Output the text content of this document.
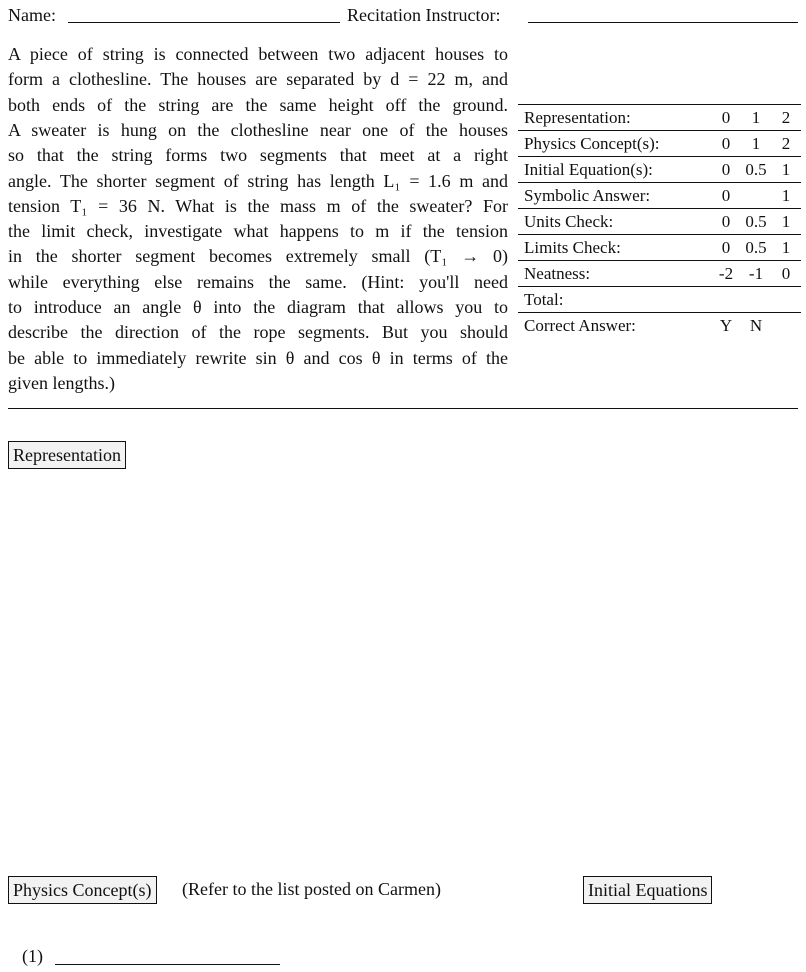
Name:	Recitation Instructor:
A piece of string is connected between two adjacent houses to
form a clothesline. The houses are separated by d = 22 m, and
both ends of the string are the same height off the ground.
A sweater is hung on the clothesline near one of the houses
so that the string forms two segments that meet at a right
angle. The shorter segment of string has length L₁ = 1.6 m and
tension T₁ = 36 N. What is the mass m of the sweater? For
the limit check, investigate what happens to m if the tension
in the shorter segment becomes extremely small (T₁ → 0)
while everything else remains the same. (Hint: you'll need
to introduce an angle θ into the diagram that allows you to
describe the direction of the rope segments. But you should
be able to immediately rewrite sin θ and cos θ in terms of the
given lengths.)
Representation:	0	1	2
Physics Concept(s):	0	1	2
Initial Equation(s):	0	0.5	1
Symbolic Answer:	0		1
Units Check:	0	0.5	1
Limits Check:	0	0.5	1
Neatness:	-2	-1	0
Total:			
Correct Answer:	Y	N	
Representation
Physics Concept(s) (Refer to the list posted on Carmen)	Initial Equations
(1)
